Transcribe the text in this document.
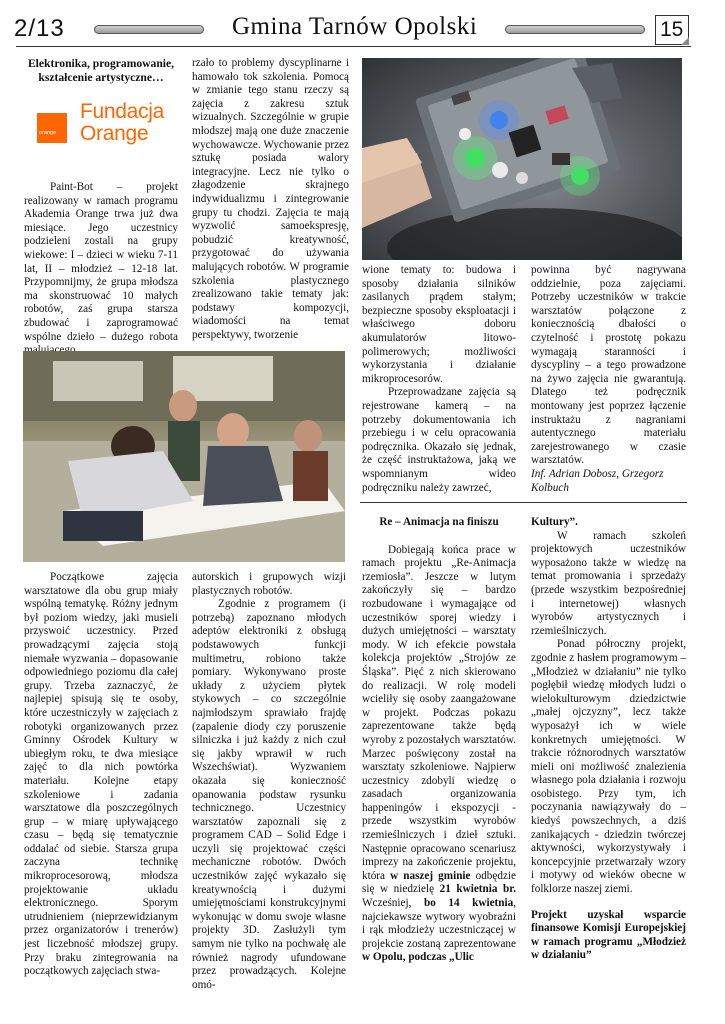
2/13	Gmina Tarnów Opolski	15

Elektronika, programowanie, kształcenie artystyczne…

orange
Fundacja
Orange

Paint-Bot – projekt realizowany w ramach programu Akademia Orange trwa już dwa miesiące. Jego uczestnicy podzieleni zostali na grupy wiekowe: I – dzieci w wieku 7-11 lat, II – młodzież – 12-18 lat. Przypomnijmy, że grupa młodsza ma skonstruować 10 małych robotów, zaś grupa starsza zbudować i zaprogramować wspólne dzieło – dużego robota

rzało to problemy dyscyplinarne i hamowało tok szkolenia. Pomocą w zmianie tego stanu rzeczy są zajęcia z zakresu sztuk wizualnych. Szczególnie w grupie młodszej mają one duże znaczenie wychowawcze. Wychowanie przez sztukę posiada walory integracyjne. Lecz nie tylko o złagodzenie skrajnego indywidualizmu i zintegrowanie grupy tu chodzi. Zajęcia te mają wyzwolić samoekspresję, pobudzić kreatywność, przygotować do używania malujących robotów. W programie szkolenia plastycznego zrealizowano takie tematy jak: podstawy kompozycji, wiadomości na temat perspektywy, tworzenie

wione tematy to: budowa i sposoby działania silników zasilanych prądem stałym; bezpieczne sposoby eksploatacji i właściwego doboru akumulatorów litowo-polimerowych; możliwości wykorzystania i działanie mikroprocesorów.

Przeprowadzane zajęcia są rejestrowane kamerą – na potrzeby dokumentowania ich przebiegu i w celu opracowania podręcznika. Okazało się jednak, że część instruktażowa, jaką we wspomnianym wideo podręczniku należy zawrzeć,

powinna być nagrywana oddzielnie, poza zajęciami. Potrzeby uczestników w trakcie warsztatów połączone z koniecznością dbałości o czytelność i prostotę pokazu wymagają staranności i dyscypliny – a tego prowadzone na żywo zajęcia nie gwarantują. Dlatego też podręcznik montowany jest poprzez łączenie instruktażu z nagraniami autentycznego materiału zarejestrowanego w czasie warsztatów.

Inf. Adrian Dobosz, Grzegorz Kolbuch

Początkowe zajęcia warsztatowe dla obu grup miały wspólną tematykę. Różny jednym był poziom wiedzy, jaki musieli przyswoić uczestnicy. Przed prowadzącymi zajęcia stoją niemałe wyzwania – dopasowanie odpowiedniego poziomu dla całej grupy. Trzeba zaznaczyć, że najlepiej spisują się te osoby, które uczestniczyły w zajęciach z robotyki organizowanych przez Gminny Ośrodek Kultury w ubiegłym roku, te dwa miesiące zajęć to dla nich powtórka materiału. Kolejne etapy szkoleniowe i zadania warsztatowe dla poszczególnych grup – w miarę upływającego czasu – będą się tematycznie oddalać od siebie. Starsza grupa zaczyna technikę mikroprocesorową, młodsza projektowanie układu elektronicznego. Sporym utrudnieniem (nieprzewidzianym przez organizatorów i trenerów) jest liczebność młodszej grupy. Przy braku zintegrowania na początkowych zajęciach stwa-

autorskich i grupowych wizji plastycznych robotów.

Zgodnie z programem (i potrzebą) zapoznano młodych adeptów elektroniki z obsługą podstawowych funkcji multimetru, robiono także pomiary. Wykonywano proste układy z użyciem płytek stykowych – co szczególnie najmłodszym sprawiało frajdę (zapalenie diody czy poruszenie silniczka i już każdy z nich czuł się jakby wprawił w ruch Wszechświat). Wyzwaniem okazała się konieczność opanowania podstaw rysunku technicznego. Uczestnicy warsztatów zapoznali się z programem CAD – Solid Edge i uczyli się projektować części mechaniczne robotów. Dwóch uczestników zajęć wykazało się kreatywnością i dużymi umiejętnościami konstrukcyjnymi wykonując w domu swoje własne projekty 3D. Zasłużyli tym samym nie tylko na pochwałę ale również nagrody ufundowane przez prowadzących. Kolejne omó-

Re – Animacja na finiszu

Dobiegają końca prace w ramach projektu „Re-Animacja rzemiosła”. Jeszcze w lutym zakończyły się – bardzo rozbudowane i wymagające od uczestników sporej wiedzy i dużych umiejętności – warsztaty mody. W ich efekcie powstała kolekcja projektów „Strojów ze Śląska”. Pięć z nich skierowano do realizacji. W rolę modeli wcieliły się osoby zaangażowane w projekt. Podczas pokazu zaprezentowane także będą wyroby z pozostałych warsztatów. Marzec poświęcony został na warsztaty szkoleniowe. Najpierw uczestnicy zdobyli wiedzę o zasadach organizowania happeningów i ekspozycji - przede wszystkim wyrobów rzemieślniczych i dzieł sztuki. Następnie opracowano scenariusz imprezy na zakończenie projektu, która w naszej gminie odbędzie się w niedzielę 21 kwietnia br. Wcześniej, bo 14 kwietnia, najciekawsze wytwory wyobraźni i rąk młodzieży uczestniczącej w projekcie zostaną zaprezentowane w Opolu, podczas „Ulic

Kultury”.

W ramach szkoleń projektowych uczestników wyposażono także w wiedzę na temat promowania i sprzedaży (przede wszystkim bezpośredniej i internetowej) własnych wyrobów artystycznych i rzemieślniczych.

Ponad półroczny projekt, zgodnie z hasłem programowym – „Młodzież w działaniu” nie tylko pogłębił wiedzę młodych ludzi o wielokulturowym dziedzictwie „małej ojczyzny”, lecz także wyposażył ich w wiele konkretnych umiejętności. W trakcie różnorodnych warsztatów mieli oni możliwość znalezienia własnego pola działania i rozwoju osobistego. Przy tym, ich poczynania nawiązywały do – kiedyś powszechnych, a dziś zanikających - dziedzin twórczej aktywności, wykorzystywały i koncepcyjnie przetwarzały wzory i motywy od wieków obecne w folklorze naszej ziemi.

Projekt uzyskał wsparcie finansowe Komisji Europejskiej w ramach programu „Młodzież w działaniu”
